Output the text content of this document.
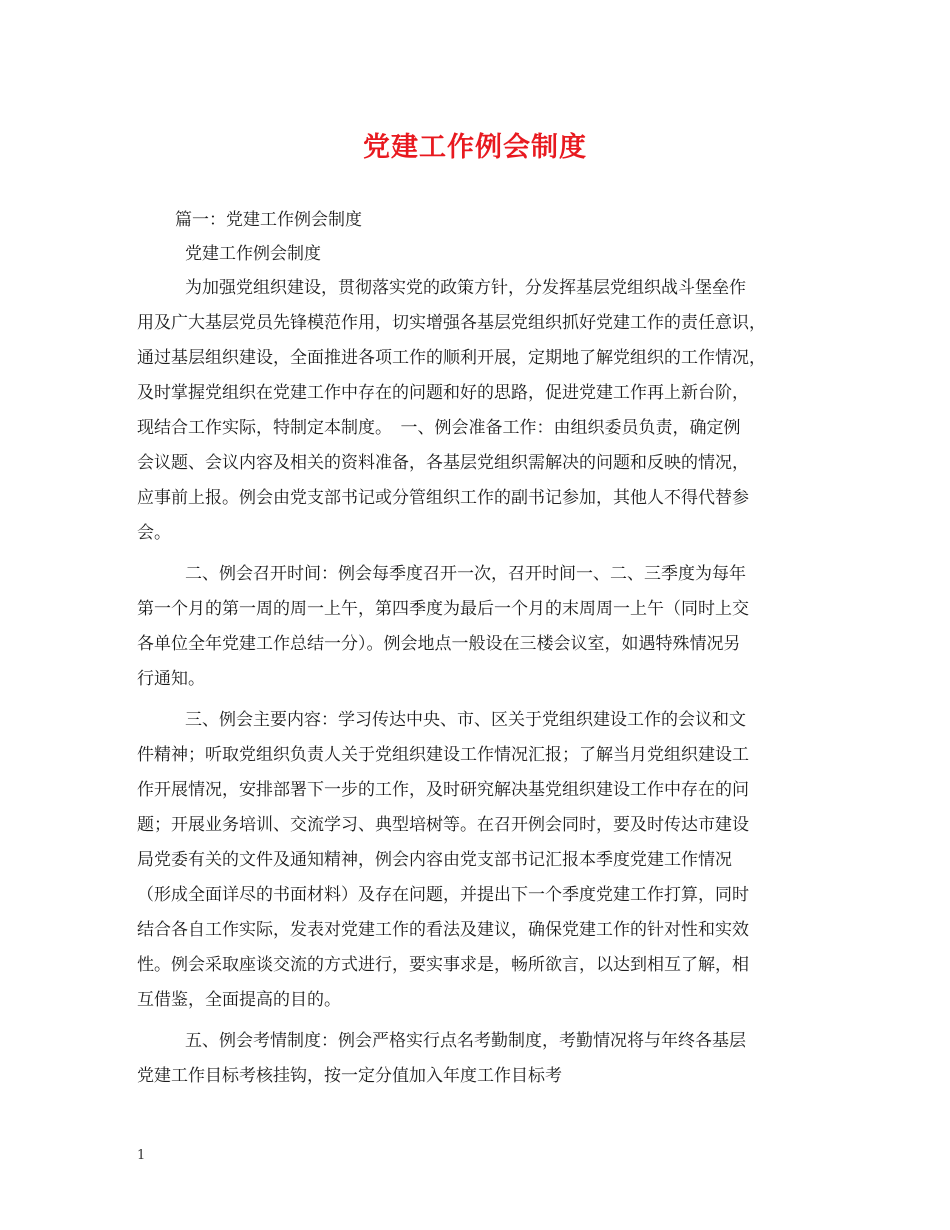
党建工作例会制度
篇一：党建工作例会制度
党建工作例会制度
为加强党组织建设，贯彻落实党的政策方针，分发挥基层党组织战斗堡垒作
用及广大基层党员先锋模范作用，切实增强各基层党组织抓好党建工作的责任意识，
通过基层组织建设，全面推进各项工作的顺利开展，定期地了解党组织的工作情况，
及时掌握党组织在党建工作中存在的问题和好的思路，促进党建工作再上新台阶，
现结合工作实际，特制定本制度。　一、例会准备工作：由组织委员负责，确定例
会议题、会议内容及相关的资料准备，各基层党组织需解决的问题和反映的情况，
应事前上报。例会由党支部书记或分管组织工作的副书记参加，其他人不得代替参
会。
二、例会召开时间：例会每季度召开一次，召开时间一、二、三季度为每年
第一个月的第一周的周一上午，第四季度为最后一个月的末周周一上午（同时上交
各单位全年党建工作总结一分）。例会地点一般设在三楼会议室，如遇特殊情况另
行通知。
三、例会主要内容：学习传达中央、市、区关于党组织建设工作的会议和文
件精神；听取党组织负责人关于党组织建设工作情况汇报；了解当月党组织建设工
作开展情况，安排部署下一步的工作，及时研究解决基党组织建设工作中存在的问
题；开展业务培训、交流学习、典型培树等。在召开例会同时，要及时传达市建设
局党委有关的文件及通知精神，例会内容由党支部书记汇报本季度党建工作情况
（形成全面详尽的书面材料）及存在问题，并提出下一个季度党建工作打算，同时
结合各自工作实际，发表对党建工作的看法及建议，确保党建工作的针对性和实效
性。例会采取座谈交流的方式进行，要实事求是，畅所欲言，以达到相互了解，相
互借鉴，全面提高的目的。
五、例会考情制度：例会严格实行点名考勤制度，考勤情况将与年终各基层
党建工作目标考核挂钩，按一定分值加入年度工作目标考
1
